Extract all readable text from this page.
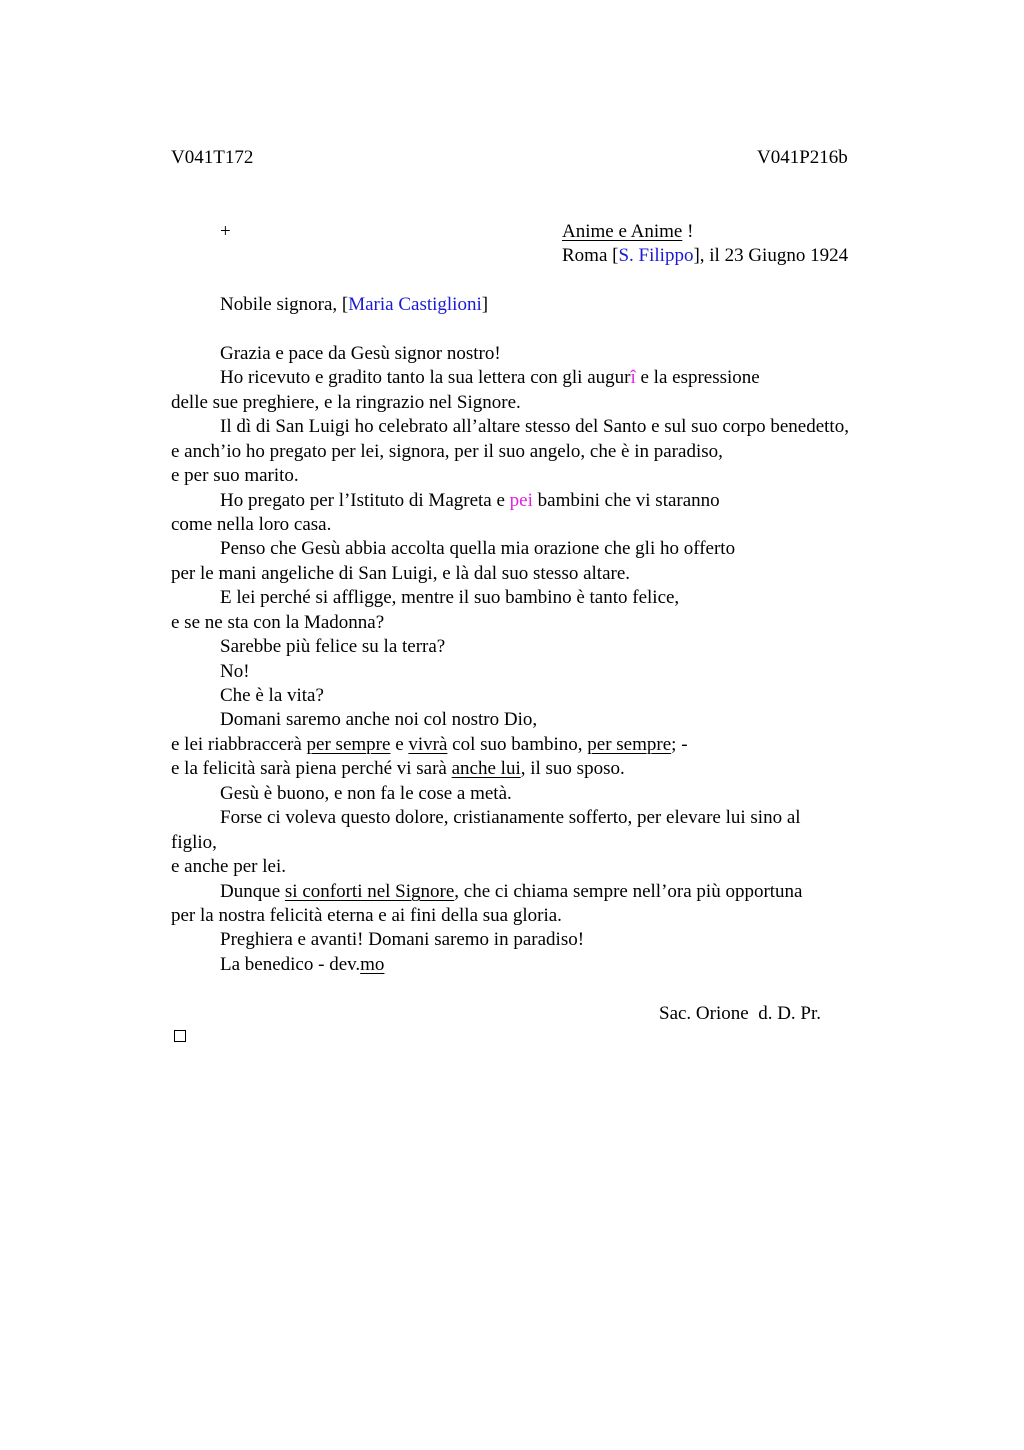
V041T172	V041P216b
+	Anime e Anime !
Roma [S. Filippo], il 23 Giugno 1924
Nobile signora, [Maria Castiglioni]
Grazia e pace da Gesù signor nostro!
Ho ricevuto e gradito tanto la sua lettera con gli augurî e la espressione
delle sue preghiere, e la ringrazio nel Signore.
Il dì di San Luigi ho celebrato all’altare stesso del Santo e sul suo corpo benedetto,
e anch’io ho pregato per lei, signora, per il suo angelo, che è in paradiso,
e per suo marito.
Ho pregato per l’Istituto di Magreta e pei bambini che vi staranno
come nella loro casa.
Penso che Gesù abbia accolta quella mia orazione che gli ho offerto
per le mani angeliche di San Luigi, e là dal suo stesso altare.
E lei perché si affligge, mentre il suo bambino è tanto felice,
e se ne sta con la Madonna?
Sarebbe più felice su la terra?
No!
Che è la vita?
Domani saremo anche noi col nostro Dio,
e lei riabbraccerà per sempre e vivrà col suo bambino, per sempre; -
e la felicità sarà piena perché vi sarà anche lui, il suo sposo.
Gesù è buono, e non fa le cose a metà.
Forse ci voleva questo dolore, cristianamente sofferto, per elevare lui sino al
figlio,
e anche per lei.
Dunque si conforti nel Signore, che ci chiama sempre nell’ora più opportuna
per la nostra felicità eterna e ai fini della sua gloria.
Preghiera e avanti! Domani saremo in paradiso!
La benedico - dev.mo
Sac. Orione  d. D. Pr.
